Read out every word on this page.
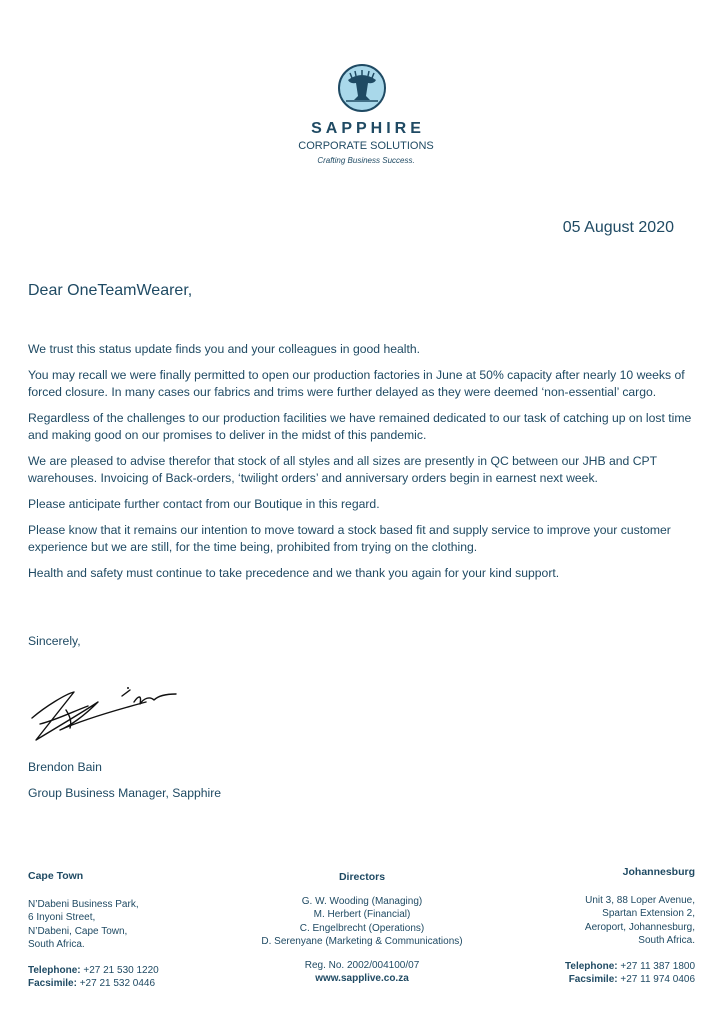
SAPPHIRE
CORPORATE SOLUTIONS
Crafting Business Success.
05 August 2020
Dear OneTeamWearer,

We trust this status update finds you and your colleagues in good health.

You may recall we were finally permitted to open our production factories in June at 50% capacity after nearly 10 weeks of forced closure. In many cases our fabrics and trims were further delayed as they were deemed ‘non-essential’ cargo.

Regardless of the challenges to our production facilities we have remained dedicated to our task of catching up on lost time and making good on our promises to deliver in the midst of this pandemic.

We are pleased to advise therefor that stock of all styles and all sizes are presently in QC between our JHB and CPT warehouses. Invoicing of Back-orders, ‘twilight orders’ and anniversary orders begin in earnest next week.

Please anticipate further contact from our Boutique in this regard.

Please know that it remains our intention to move toward a stock based fit and supply service to improve your customer experience but we are still, for the time being, prohibited from trying on the clothing.

Health and safety must continue to take precedence and we thank you again for your kind support.

Sincerely,
Brendon Bain
Group Business Manager, Sapphire
Cape Town
N’Dabeni Business Park,
6 Inyoni Street,
N’Dabeni, Cape Town,
South Africa.
Telephone: +27 21 530 1220
Facsimile: +27 21 532 0446
Directors
G. W. Wooding (Managing)
M. Herbert (Financial)
C. Engelbrecht (Operations)
D. Serenyane (Marketing & Communications)
Reg. No. 2002/004100/07
www.sapplive.co.za
Johannesburg
Unit 3, 88 Loper Avenue,
Spartan Extension 2,
Aeroport, Johannesburg,
South Africa.
Telephone: +27 11 387 1800
Facsimile: +27 11 974 0406
